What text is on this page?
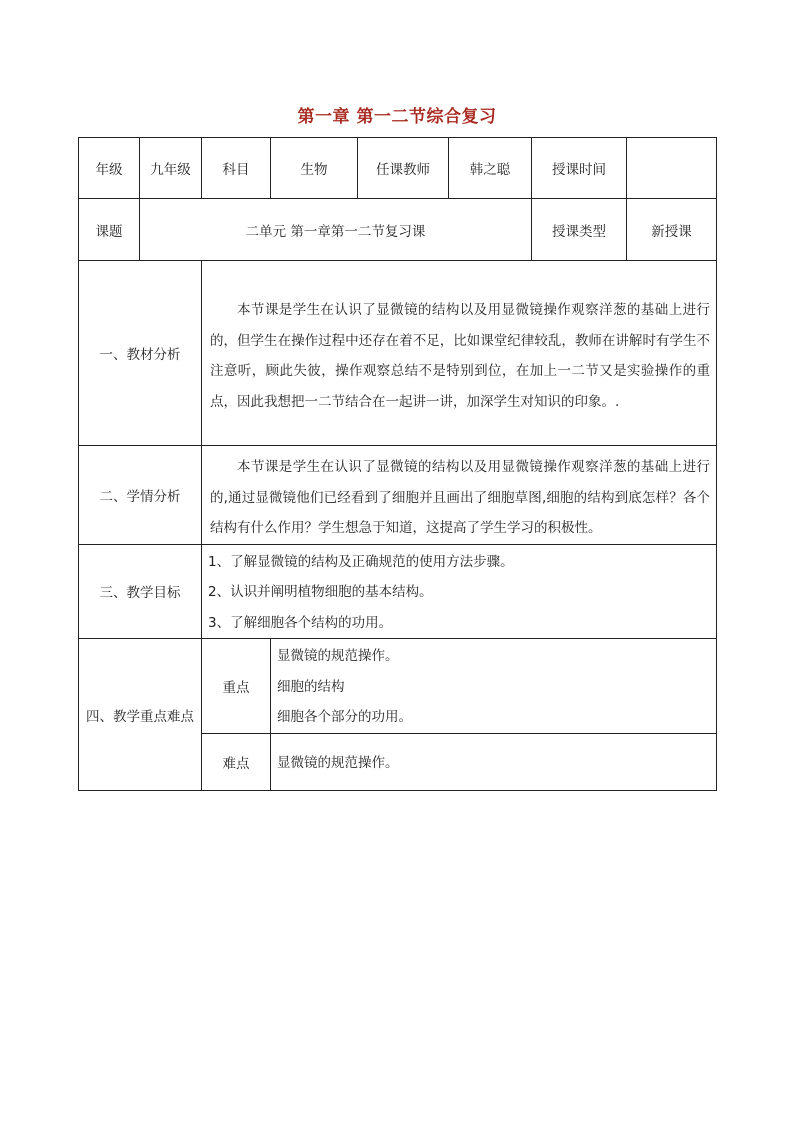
第一章 第一二节综合复习
年级	九年级	科目	生物	任课教师	韩之聪	授课时间	
课题	二单元 第一章第一二节复习课					授课类型	新授课
一、教材分析		本节课是学生在认识了显微镜的结构以及用显微镜操作观察洋葱的基础上进行的，但学生在操作过程中还存在着不足，比如课堂纪律较乱，教师在讲解时有学生不注意听，顾此失彼，操作观察总结不是特别到位，在加上一二节又是实验操作的重点，因此我想把一二节结合在一起讲一讲，加深学生对知识的印象。.					

二、学情分析		本节课是学生在认识了显微镜的结构以及用显微镜操作观察洋葱的基础上进行的,通过显微镜他们已经看到了细胞并且画出了细胞草图,细胞的结构到底怎样？各个结构有什么作用？学生想急于知道，这提高了学生学习的积极性。					

三、教学目标		1、了解显微镜的结构及正确规范的使用方法步骤。
2、认识并阐明植物细胞的基本结构。
3、了解细胞各个结构的功用。					

四、教学重点难点		重点	显微镜的规范操作。
细胞的结构
细胞各个部分的功用。				

		难点	显微镜的规范操作。				
